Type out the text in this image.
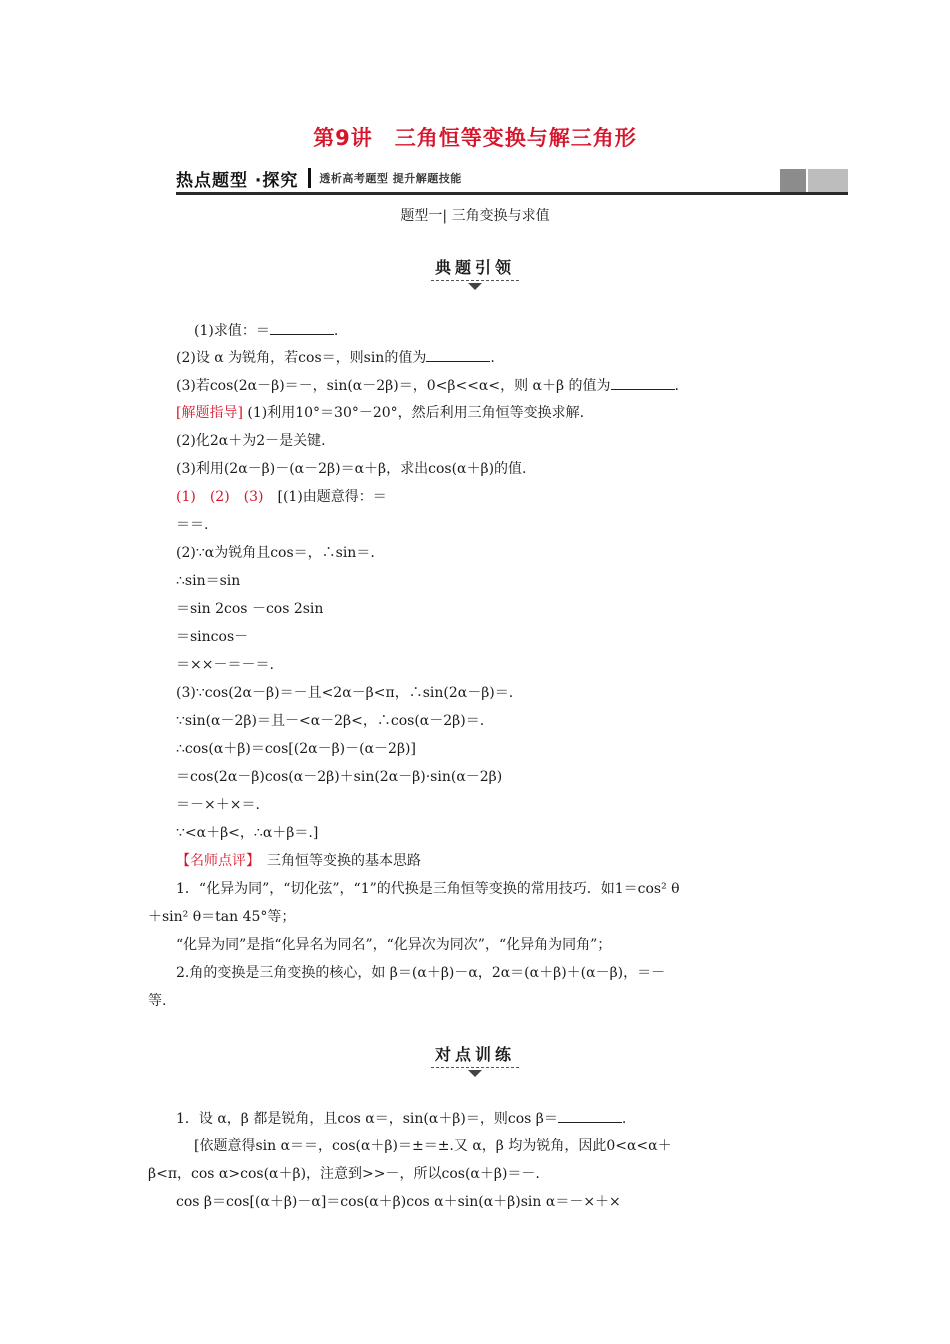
第9讲　三角恒等变换与解三角形
热点题型 ·探究 透析高考题型 提升解题技能
题型一| 三角变换与求值
典题引领
(1)求值：＝	.
(2)设 α 为锐角，若cos＝，则sin的值为	.
(3)若cos(2α－β)＝－，sin(α－2β)＝，0<β<<α<，则 α＋β 的值为	.
[解题指导] (1)利用10°＝30°－20°，然后利用三角恒等变换求解.
(2)化2α＋为2－是关键.
(3)利用(2α－β)－(α－2β)＝α＋β，求出cos(α＋β)的值.
(1)　(2)　(3)　[(1)由题意得：＝
＝＝.
(2)∵α为锐角且cos＝，∴sin＝.
∴sin＝sin
＝sin 2cos －cos 2sin
＝sincos－
＝××－＝－＝.
(3)∵cos(2α－β)＝－且<2α－β<π，∴sin(2α－β)＝.
∵sin(α－2β)＝且－<α－2β<，∴cos(α－2β)＝.
∴cos(α＋β)＝cos[(2α－β)－(α－2β)]
＝cos(2α－β)cos(α－2β)＋sin(2α－β)·sin(α－2β)
＝－×＋×＝.
∵<α＋β<，∴α＋β＝.]
【名师点评】　三角恒等变换的基本思路
1．“化异为同”，“切化弦”，“1”的代换是三角恒等变换的常用技巧．如1＝cos² θ
＋sin² θ＝tan 45°等；
“化异为同”是指“化异名为同名”，“化异次为同次”，“化异角为同角”；
2.角的变换是三角变换的核心，如 β＝(α＋β)－α，2α＝(α＋β)＋(α－β)，＝－
等.
对点训练
1．设 α，β 都是锐角，且cos α＝，sin(α＋β)＝，则cos β＝	.
[依题意得sin α＝＝，cos(α＋β)＝±＝±.又 α，β 均为锐角，因此0<α<α＋
β<π，cos α>cos(α＋β)，注意到>>－，所以cos(α＋β)＝－.
cos β＝cos[(α＋β)－α]＝cos(α＋β)cos α＋sin(α＋β)sin α＝－×＋×
